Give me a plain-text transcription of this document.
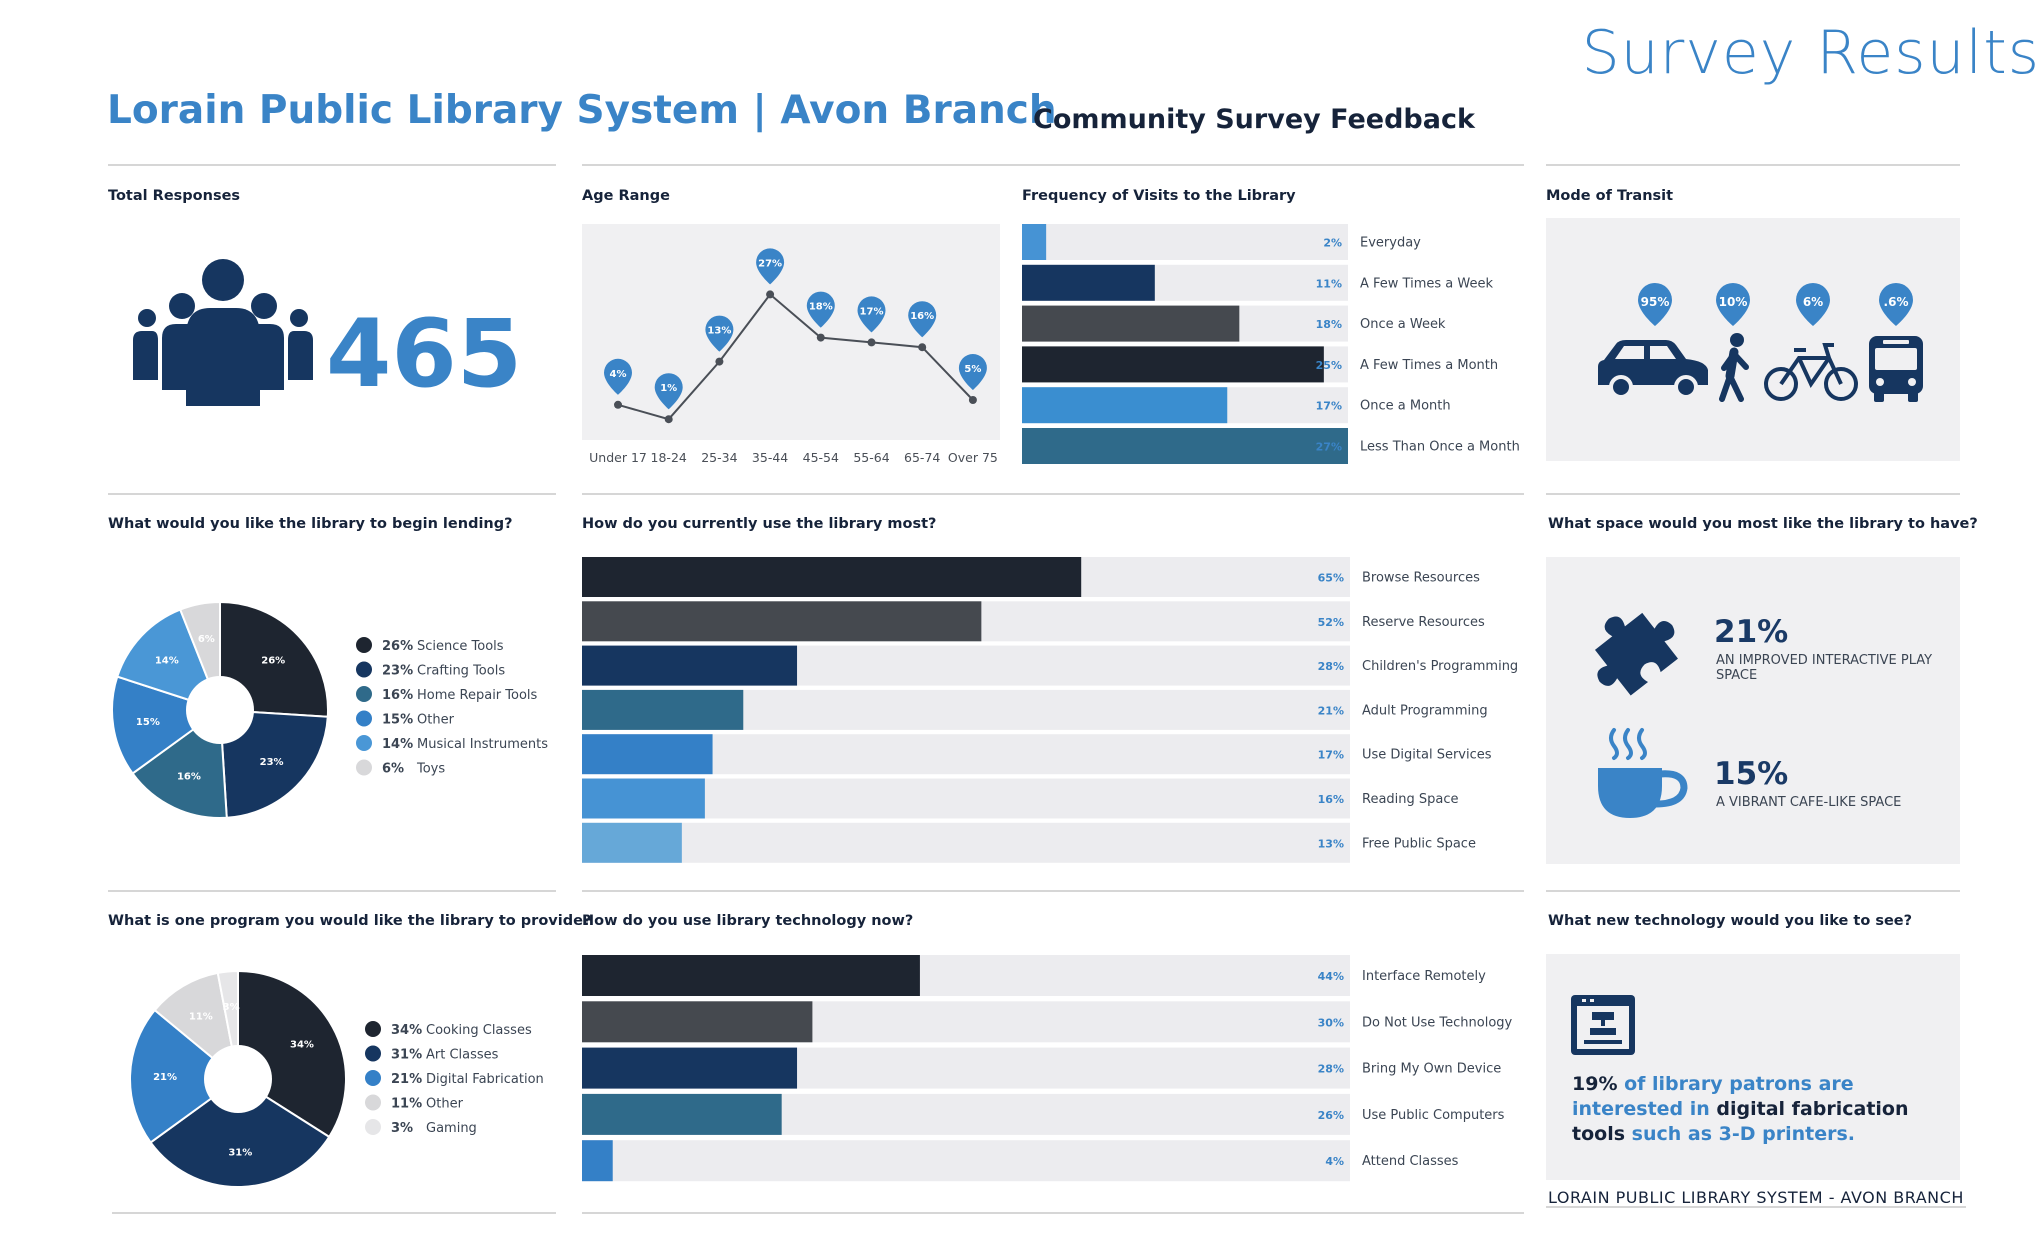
Survey Results
Lorain Public Library System | Avon Branch
Community Survey Feedback
Total Responses	Age Range	Frequency of Visits to the Library	Mode of Transit
What would you like the library to begin lending?	How do you currently use the library most?	What space would you most like the library to have?
What is one program you would like the library to provide?
How do you use library technology now?	What new technology would you like to see?
465	4%
Under 17
1%
18-24
13%
25-34
27%
35-44
18%
45-54
17%
55-64
16%
65-74
5%
Over 75
2% Everyday
11% A Few Times a Week
18% Once a Week
25% A Few Times a Month
17% Once a Month
27% Less Than Once a Month
95%	10%	6%	.6%
26%
23%
16%
15%
14%
6%	26% Science Tools
23% Crafting Tools
16% Home Repair Tools
15% Other
14% Musical Instruments
6% Toys
65% Browse Resources
52% Reserve Resources
28% Children's Programming
21% Adult Programming
17% Use Digital Services
16% Reading Space
13% Free Public Space
21%
AN IMPROVED INTERACTIVE PLAY SPACE
15%
A VIBRANT CAFE-LIKE SPACE
34%
31%
21%
11%
3%
34% Cooking Classes
31% Art Classes
21% Digital Fabrication
11% Other
3% Gaming
44% Interface Remotely
30% Do Not Use Technology
28% Bring My Own Device
26% Use Public Computers
4% Attend Classes
19% of library patrons are interested in digital fabrication tools such as 3-D printers.
LORAIN PUBLIC LIBRARY SYSTEM - AVON BRANCH
